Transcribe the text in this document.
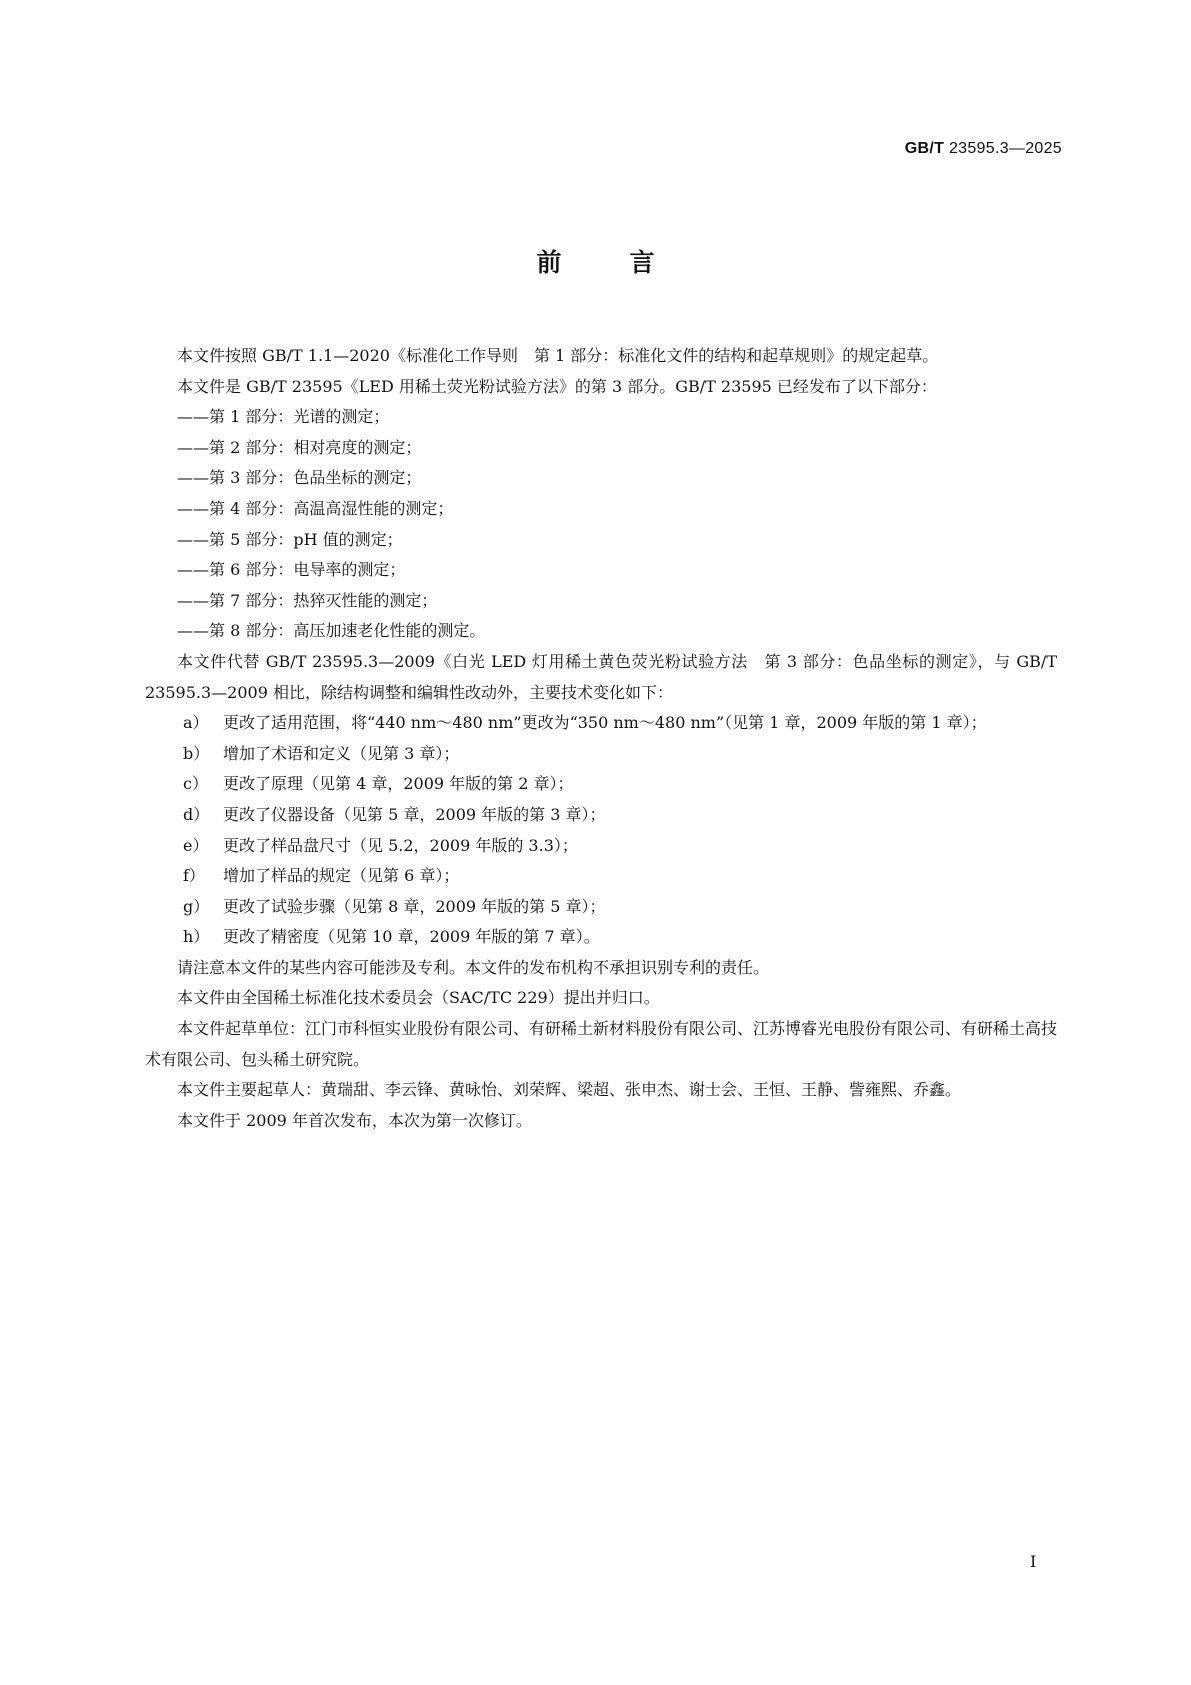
GB/T 23595.3—2025
前言

本文件按照 GB/T 1.1—2020《标准化工作导则　第 1 部分：标准化文件的结构和起草规则》的规定起草。

本文件是 GB/T 23595《LED 用稀土荧光粉试验方法》的第 3 部分。GB/T 23595 已经发布了以下部分：

——第 1 部分：光谱的测定；
——第 2 部分：相对亮度的测定；
——第 3 部分：色品坐标的测定；
——第 4 部分：高温高湿性能的测定；
——第 5 部分：pH 值的测定；
——第 6 部分：电导率的测定；
——第 7 部分：热猝灭性能的测定；
——第 8 部分：高压加速老化性能的测定。

本文件代替 GB/T 23595.3—2009《白光 LED 灯用稀土黄色荧光粉试验方法　第 3 部分：色品坐标的测定》，与 GB/T 23595.3—2009 相比，除结构调整和编辑性改动外，主要技术变化如下：

a） 更改了适用范围，将“440 nm～480 nm”更改为“350 nm～480 nm”（见第 1 章，2009 年版的第 1 章）；
b） 增加了术语和定义（见第 3 章）；
c） 更改了原理（见第 4 章，2009 年版的第 2 章）；
d） 更改了仪器设备（见第 5 章，2009 年版的第 3 章）；
e） 更改了样品盘尺寸（见 5.2，2009 年版的 3.3）；
f） 增加了样品的规定（见第 6 章）；
g） 更改了试验步骤（见第 8 章，2009 年版的第 5 章）；
h） 更改了精密度（见第 10 章，2009 年版的第 7 章）。

请注意本文件的某些内容可能涉及专利。本文件的发布机构不承担识别专利的责任。

本文件由全国稀土标准化技术委员会（SAC/TC 229）提出并归口。

本文件起草单位：江门市科恒实业股份有限公司、有研稀土新材料股份有限公司、江苏博睿光电股份有限公司、有研稀土高技术有限公司、包头稀土研究院。

本文件主要起草人：黄瑞甜、李云锋、黄咏怡、刘荣辉、梁超、张申杰、谢士会、王恒、王静、訾雍熙、乔鑫。

本文件于 2009 年首次发布，本次为第一次修订。

Ⅰ
